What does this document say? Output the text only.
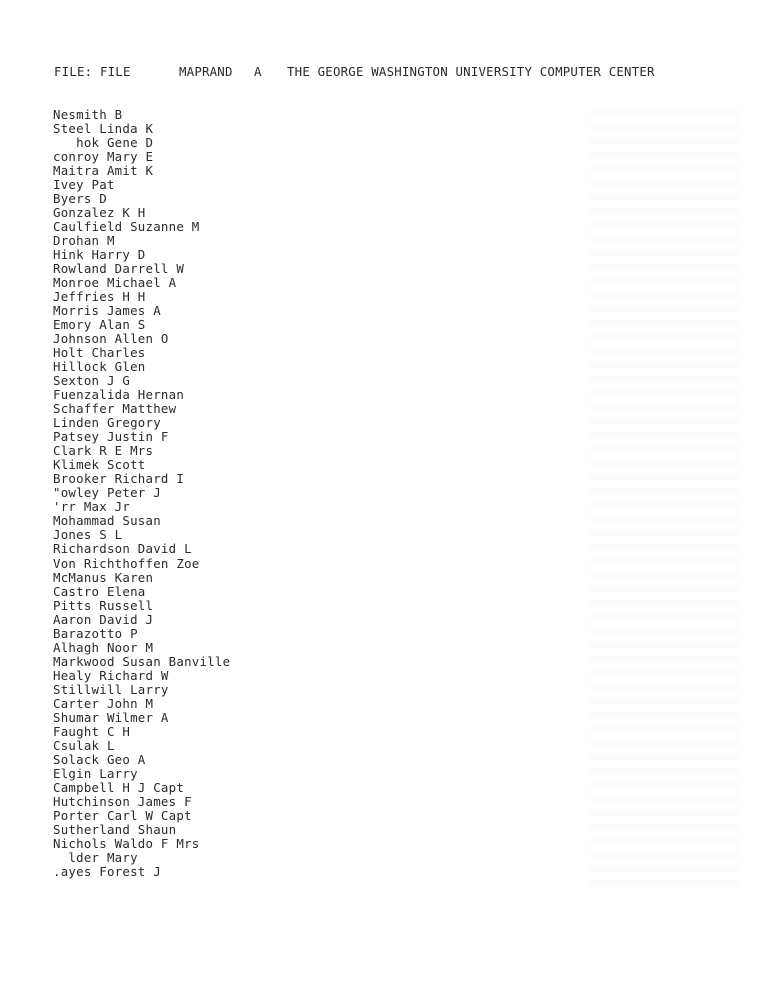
FILE: FILE

	MAPRAND

A

THE GEORGE WASHINGTON UNIVERSITY COMPUTER CENTER

Nesmith B
Steel Linda K
hok Gene D
conroy Mary E
Maitra Amit K
Ivey Pat
Byers D
Gonzalez K H
Caulfield Suzanne M
Drohan M
Hink Harry D
Rowland Darrell W
Monroe Michael A
Jeffries H H
Morris James A
Emory Alan S
Johnson Allen O
Holt Charles
Hillock Glen
Sexton J G
Fuenzalida Hernan
Schaffer Matthew
Linden Gregory
Patsey Justin F
Clark R E Mrs
Klimek Scott
Brooker Richard I
"owley Peter J
'rr Max Jr
Mohammad Susan
Jones S L
Richardson David L
Von Richthoffen Zoe
McManus Karen
Castro Elena
Pitts Russell
Aaron David J
Barazotto P
Alhagh Noor M
Markwood Susan Banville
Healy Richard W
Stillwill Larry
Carter John M
Shumar Wilmer A
Faught C H
Csulak L
Solack Geo A
Elgin Larry
Campbell H J Capt
Hutchinson James F
Porter Carl W Capt
Sutherland Shaun
Nichols Waldo F Mrs
lder Mary
.ayes Forest J
